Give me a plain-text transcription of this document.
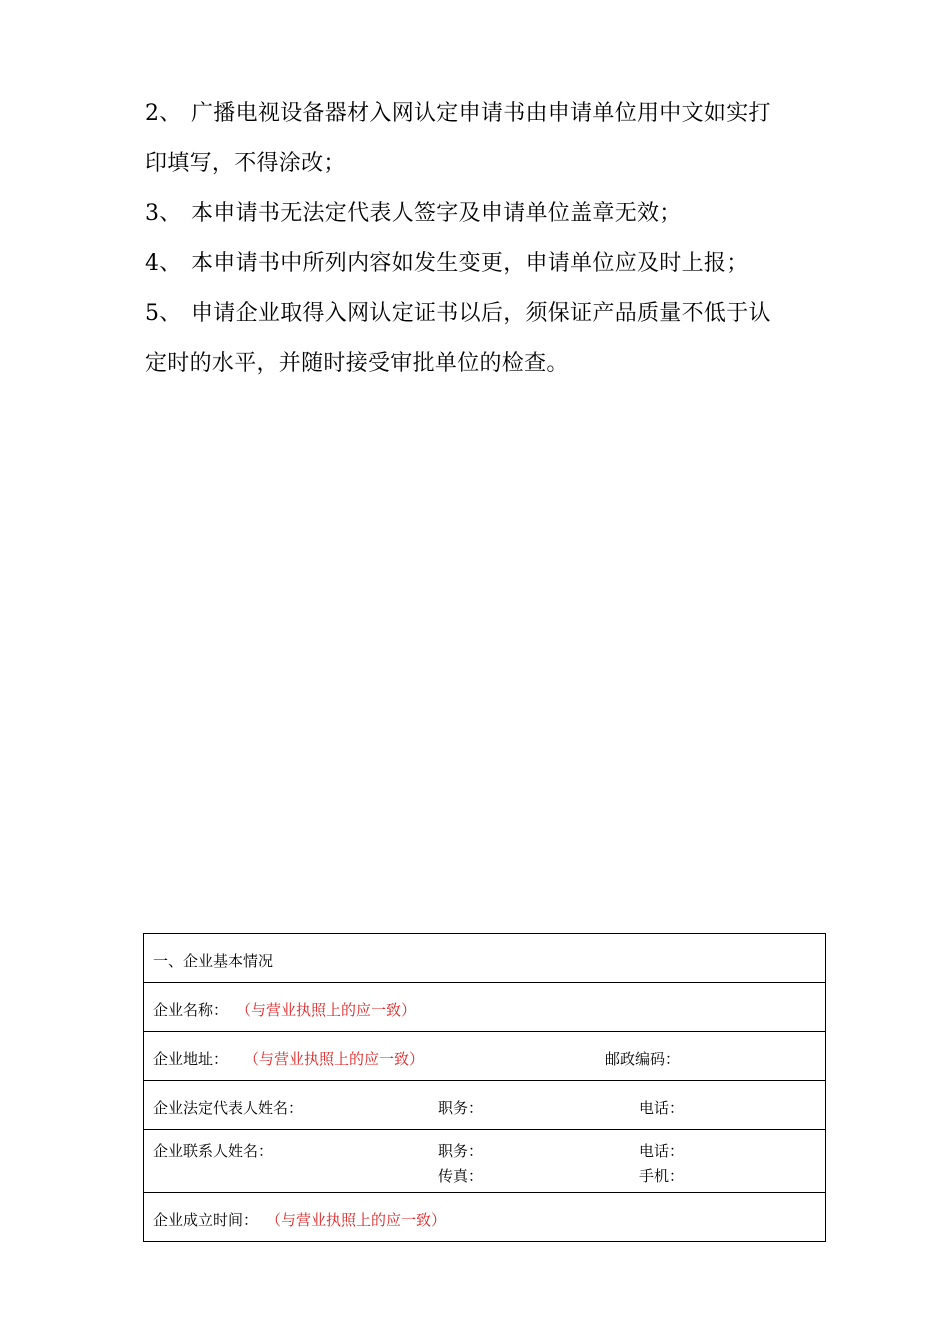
2、 广播电视设备器材入网认定申请书由申请单位用中文如实打
印填写，不得涂改；

3、 本申请书无法定代表人签字及申请单位盖章无效；

4、 本申请书中所列内容如发生变更，申请单位应及时上报；

5、 申请企业取得入网认定证书以后，须保证产品质量不低于认
定时的水平，并随时接受审批单位的检查。

一、企业基本情况
企业名称： （与营业执照上的应一致）
企业地址： （与营业执照上的应一致）	邮政编码：
企业法定代表人姓名：	职务：	电话：
企业联系人姓名：	职务：	电话：
传真：	手机：
企业成立时间： （与营业执照上的应一致）
